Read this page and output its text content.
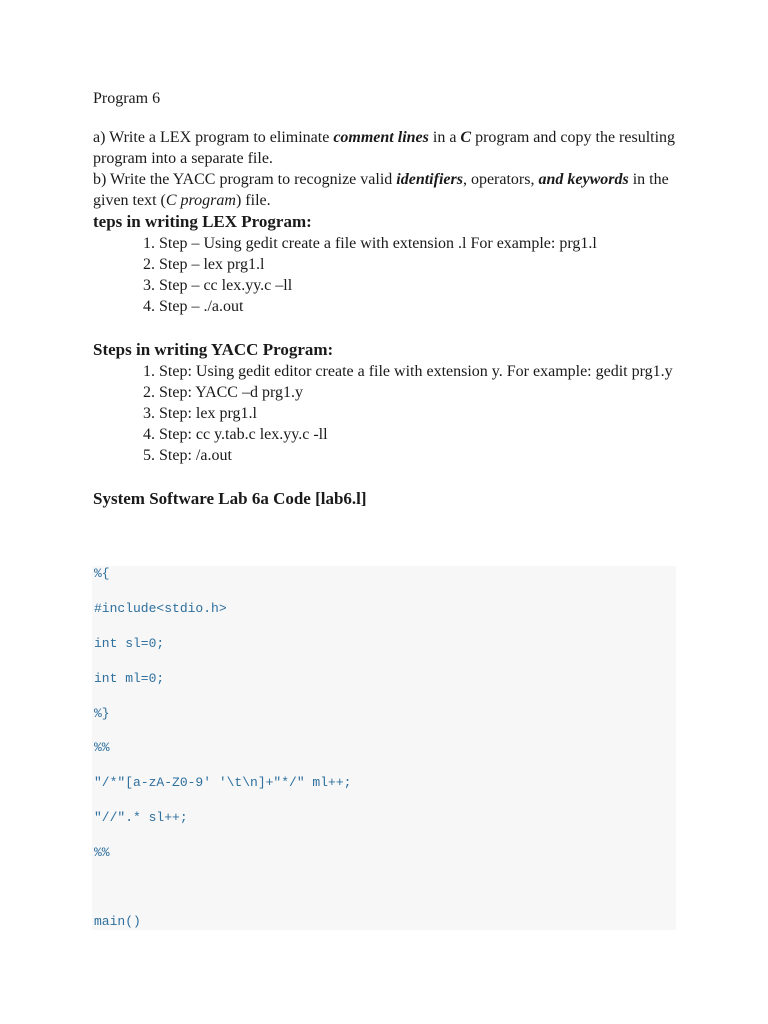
Program 6
a) Write a LEX program to eliminate comment lines in a C program and copy the resulting program into a separate file.
b) Write the YACC program to recognize valid identifiers, operators, and keywords in the given text (C program) file.
teps in writing LEX Program:
1. Step – Using gedit create a file with extension .l For example: prg1.l
2. Step – lex prg1.l
3. Step – cc lex.yy.c –ll
4. Step – ./a.out
Steps in writing YACC Program:
1. Step: Using gedit editor create a file with extension y. For example: gedit prg1.y
2. Step: YACC –d prg1.y
3. Step: lex prg1.l
4. Step: cc y.tab.c lex.yy.c -ll
5. Step: /a.out
System Software Lab 6a Code [lab6.l]
%{
#include<stdio.h>
int sl=0;
int ml=0;
%}
%%
"/*"[a-zA-Z0-9' '\t\n]+"*/" ml++;
"//".* sl++;
%%
main()
